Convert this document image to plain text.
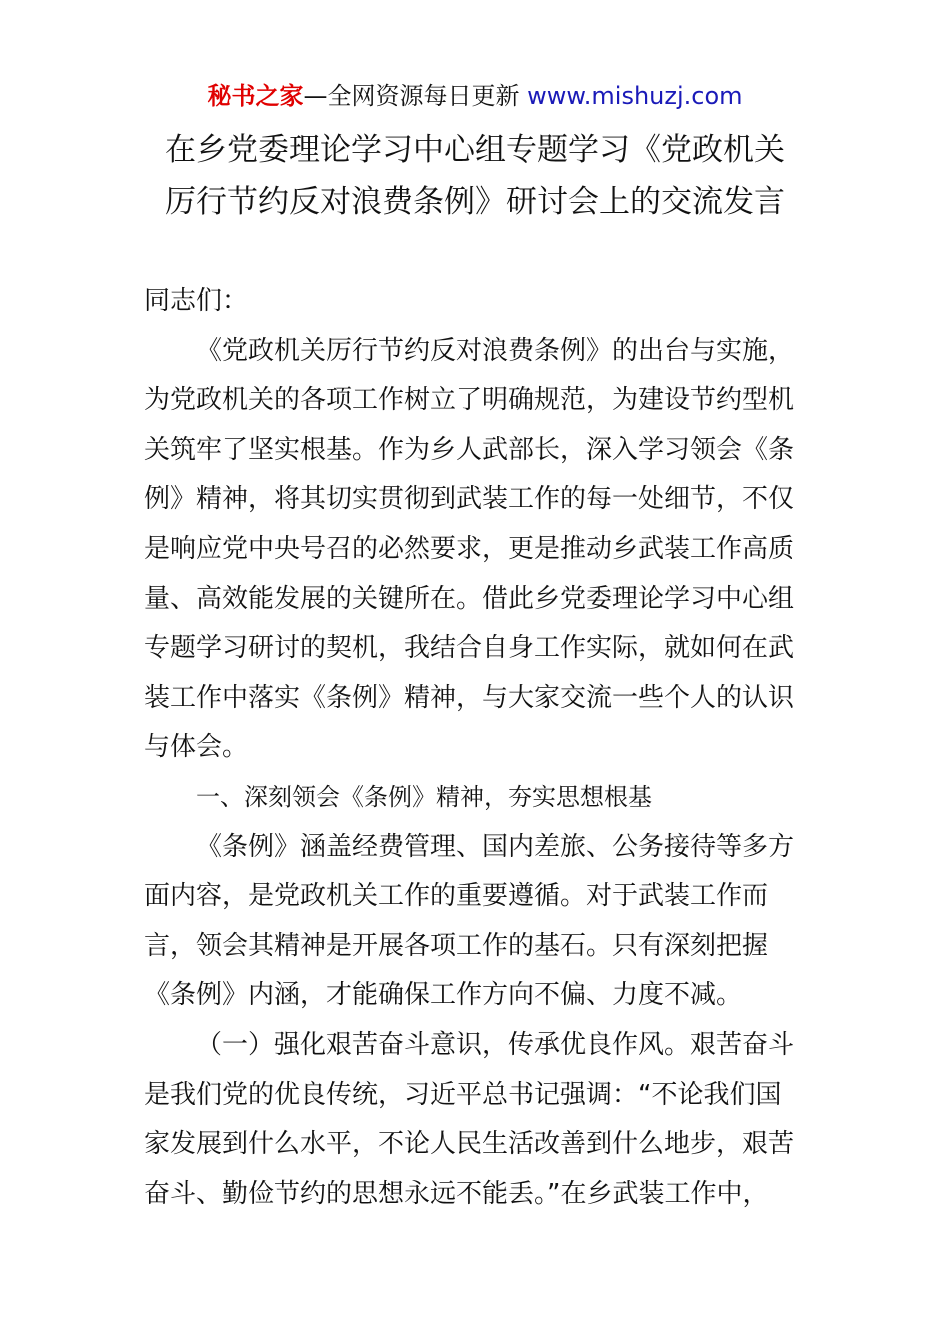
秘书之家—全网资源每日更新 www.mishuzj.com
在乡党委理论学习中心组专题学习《党政机关
厉行节约反对浪费条例》研讨会上的交流发言
同志们：
《党政机关厉行节约反对浪费条例》的出台与实施，
为党政机关的各项工作树立了明确规范，为建设节约型机
关筑牢了坚实根基。作为乡人武部长，深入学习领会《条
例》精神，将其切实贯彻到武装工作的每一处细节，不仅
是响应党中央号召的必然要求，更是推动乡武装工作高质
量、高效能发展的关键所在。借此乡党委理论学习中心组
专题学习研讨的契机，我结合自身工作实际，就如何在武
装工作中落实《条例》精神，与大家交流一些个人的认识
与体会。
一、深刻领会《条例》精神，夯实思想根基
《条例》涵盖经费管理、国内差旅、公务接待等多方
面内容，是党政机关工作的重要遵循。对于武装工作而
言，领会其精神是开展各项工作的基石。只有深刻把握
《条例》内涵，才能确保工作方向不偏、力度不减。
（一）强化艰苦奋斗意识，传承优良作风。艰苦奋斗
是我们党的优良传统，习近平总书记强调：“不论我们国
家发展到什么水平，不论人民生活改善到什么地步，艰苦
奋斗、勤俭节约的思想永远不能丢。”在乡武装工作中，
